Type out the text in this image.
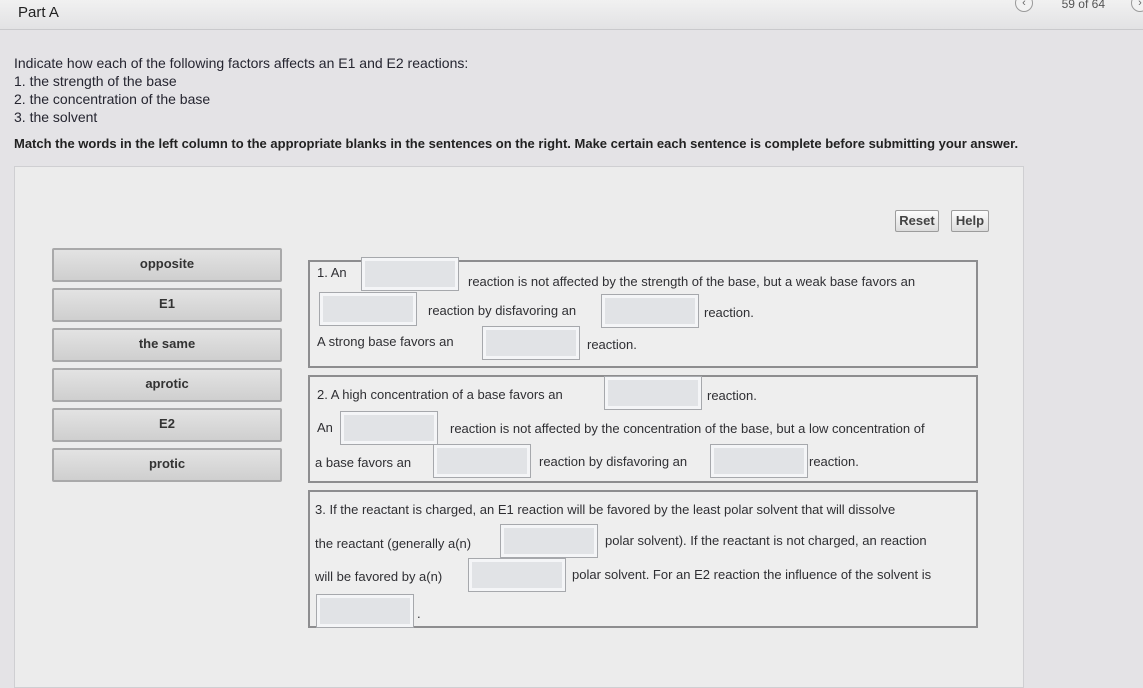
Part A
‹	59 of 64	›
Indicate how each of the following factors affects an E1 and E2 reactions:
1. the strength of the base
2. the concentration of the base
3. the solvent
Match the words in the left column to the appropriate blanks in the sentences on the right. Make certain each sentence is complete before submitting your answer.
Reset	Help
opposite
E1
the same
aprotic
E2
protic
1. An
reaction is not affected by the strength of the base, but a weak base favors an
reaction by disfavoring an	reaction.
A strong base favors an	reaction.
2. A high concentration of a base favors an	reaction.
An	reaction is not affected by the concentration of the base, but a low concentration of
a base favors an	reaction by disfavoring an	reaction.
3. If the reactant is charged, an E1 reaction will be favored by the least polar solvent that will dissolve
the reactant (generally a(n)	polar solvent). If the reactant is not charged, an reaction
will be favored by a(n)	polar solvent. For an E2 reaction the influence of the solvent is
.
